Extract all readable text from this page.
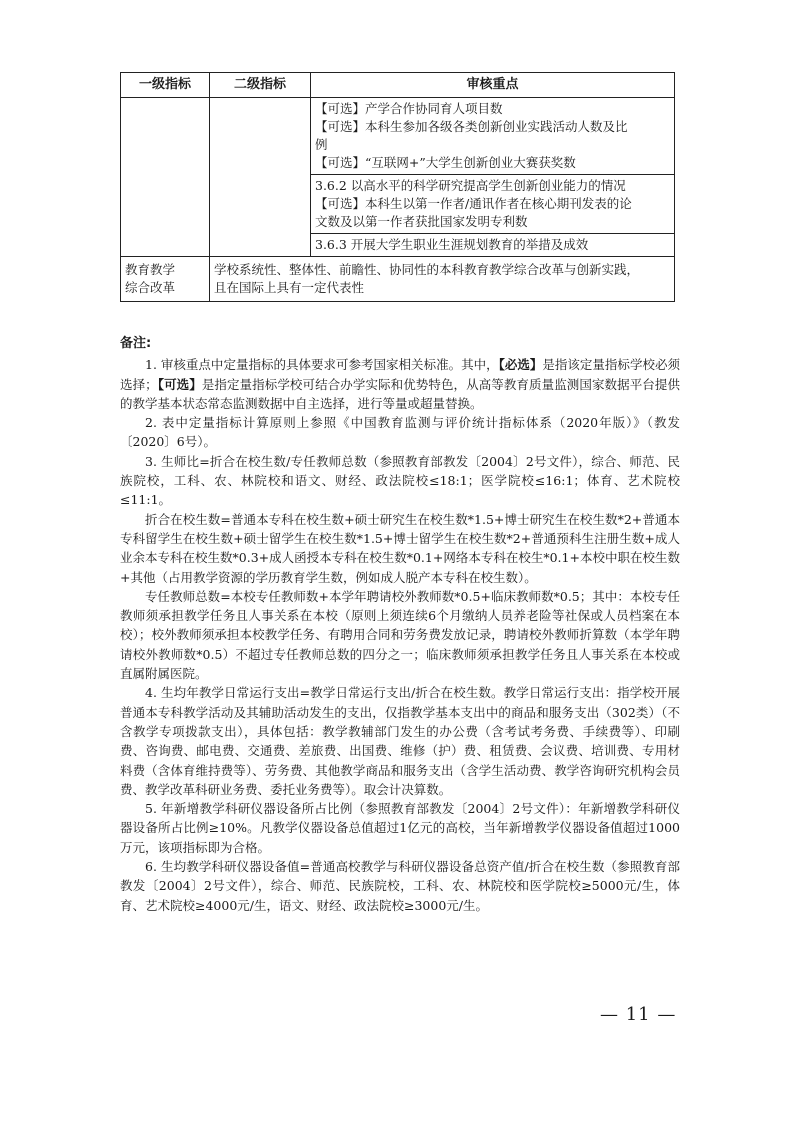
一级指标	二级指标	审核重点

		【可选】产学合作协同育人项目数
【可选】本科生参加各级各类创新创业实践活动人数及比
例
【可选】“互联网+”大学生创新创业大赛获奖数

		3.6.2 以高水平的科学研究提高学生创新创业能力的情况
【可选】本科生以第一作者/通讯作者在核心期刊发表的论
文数及以第一作者获批国家发明专利数

		3.6.3 开展大学生职业生涯规划教育的举措及成效

教育教学
综合改革	学校系统性、整体性、前瞻性、协同性的本科教育教学综合改革与创新实践，
且在国际上具有一定代表性	
备注:

1. 审核重点中定量指标的具体要求可参考国家相关标准。其中，【必选】是指该定量指标学校必须选择；【可选】是指定量指标学校可结合办学实际和优势特色，从高等教育质量监测国家数据平台提供的教学基本状态常态监测数据中自主选择，进行等量或超量替换。

2. 表中定量指标计算原则上参照《中国教育监测与评价统计指标体系（2020年版）》（教发〔2020〕6号）。

3. 生师比=折合在校生数/专任教师总数（参照教育部教发〔2004〕2号文件），综合、师范、民族院校，工科、农、林院校和语文、财经、政法院校≤18:1；医学院校≤16:1；体育、艺术院校≤11:1。

折合在校生数=普通本专科在校生数+硕士研究生在校生数*1.5+博士研究生在校生数*2+普通本专科留学生在校生数+硕士留学生在校生数*1.5+博士留学生在校生数*2+普通预科生注册生数+成人业余本专科在校生数*0.3+成人函授本专科在校生数*0.1+网络本专科在校生*0.1+本校中职在校生数+其他（占用教学资源的学历教育学生数，例如成人脱产本专科在校生数）。

专任教师总数=本校专任教师数+本学年聘请校外教师数*0.5+临床教师数*0.5；其中：本校专任教师须承担教学任务且人事关系在本校（原则上须连续6个月缴纳人员养老险等社保或人员档案在本校）；校外教师须承担本校教学任务、有聘用合同和劳务费发放记录，聘请校外教师折算数（本学年聘请校外教师数*0.5）不超过专任教师总数的四分之一；临床教师须承担教学任务且人事关系在本校或直属附属医院。

4. 生均年教学日常运行支出=教学日常运行支出/折合在校生数。教学日常运行支出：指学校开展普通本专科教学活动及其辅助活动发生的支出，仅指教学基本支出中的商品和服务支出（302类）（不含教学专项拨款支出），具体包括：教学教辅部门发生的办公费（含考试考务费、手续费等）、印刷费、咨询费、邮电费、交通费、差旅费、出国费、维修（护）费、租赁费、会议费、培训费、专用材料费（含体育维持费等）、劳务费、其他教学商品和服务支出（含学生活动费、教学咨询研究机构会员费、教学改革科研业务费、委托业务费等）。取会计决算数。

5. 年新增教学科研仪器设备所占比例（参照教育部教发〔2004〕2号文件）：年新增教学科研仪器设备所占比例≥10%。凡教学仪器设备总值超过1亿元的高校，当年新增教学仪器设备值超过1000万元，该项指标即为合格。

6. 生均教学科研仪器设备值=普通高校教学与科研仪器设备总资产值/折合在校生数（参照教育部教发〔2004〕2号文件），综合、师范、民族院校，工科、农、林院校和医学院校≥5000元/生，体育、艺术院校≥4000元/生，语文、财经、政法院校≥3000元/生。

— 11 —
